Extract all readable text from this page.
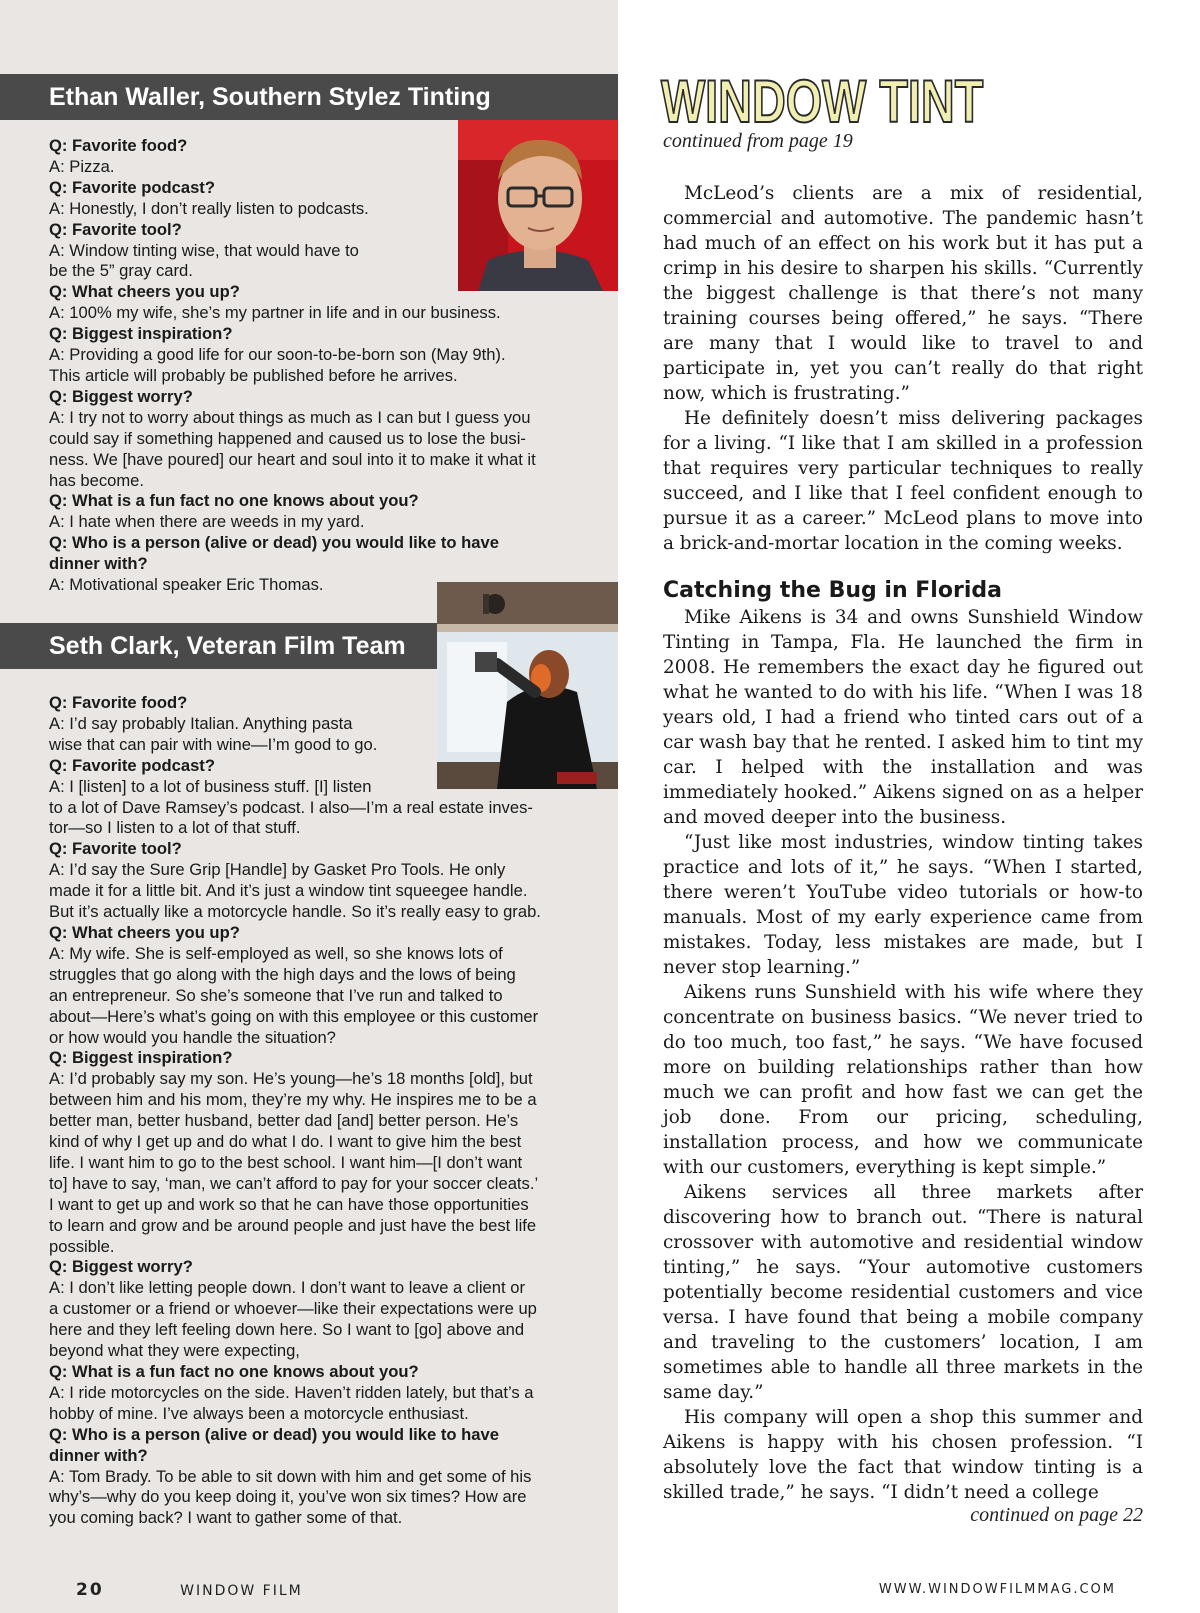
Ethan Waller, Southern Stylez Tinting
Q: Favorite food?
A: Pizza.
Q: Favorite podcast?
A: Honestly, I don’t really listen to podcasts.
Q: Favorite tool?
A: Window tinting wise, that would have to
be the 5” gray card.
Q: What cheers you up?
A: 100% my wife, she’s my partner in life and in our business.
Q: Biggest inspiration?
A: Providing a good life for our soon-to-be-born son (May 9th).
This article will probably be published before he arrives.
Q: Biggest worry?
A: I try not to worry about things as much as I can but I guess you
could say if something happened and caused us to lose the busi-
ness. We [have poured] our heart and soul into it to make it what it
has become.
Q: What is a fun fact no one knows about you?
A: I hate when there are weeds in my yard.
Q: Who is a person (alive or dead) you would like to have
dinner with?
A: Motivational speaker Eric Thomas.
Seth Clark, Veteran Film Team
Q: Favorite food?
A: I’d say probably Italian. Anything pasta
wise that can pair with wine—I’m good to go.
Q: Favorite podcast?
A: I [listen] to a lot of business stuff. [I] listen
to a lot of Dave Ramsey’s podcast. I also—I’m a real estate inves-
tor—so I listen to a lot of that stuff.
Q: Favorite tool?
A: I’d say the Sure Grip [Handle] by Gasket Pro Tools. He only
made it for a little bit. And it’s just a window tint squeegee handle.
But it’s actually like a motorcycle handle. So it’s really easy to grab.
Q: What cheers you up?
A: My wife. She is self-employed as well, so she knows lots of
struggles that go along with the high days and the lows of being
an entrepreneur. So she’s someone that I’ve run and talked to
about—Here’s what’s going on with this employee or this customer
or how would you handle the situation?
Q: Biggest inspiration?
A: I’d probably say my son. He’s young—he’s 18 months [old], but
between him and his mom, they’re my why. He inspires me to be a
better man, better husband, better dad [and] better person. He’s
kind of why I get up and do what I do. I want to give him the best
life. I want him to go to the best school. I want him—[I don’t want
to] have to say, ‘man, we can’t afford to pay for your soccer cleats.’
I want to get up and work so that he can have those opportunities
to learn and grow and be around people and just have the best life
possible.
Q: Biggest worry?
A: I don’t like letting people down. I don’t want to leave a client or
a customer or a friend or whoever—like their expectations were up
here and they left feeling down here. So I want to [go] above and
beyond what they were expecting,
Q: What is a fun fact no one knows about you?
A: I ride motorcycles on the side. Haven’t ridden lately, but that’s a
hobby of mine. I’ve always been a motorcycle enthusiast.
Q: Who is a person (alive or dead) you would like to have
dinner with?
A: Tom Brady. To be able to sit down with him and get some of his
why’s—why do you keep doing it, you’ve won six times? How are
you coming back? I want to gather some of that.
WINDOW TINT
continued from page 19

McLeod’s clients are a mix of residential, commercial and automotive. The pandemic hasn’t had much of an effect on his work but it has put a crimp in his desire to sharpen his skills. “Currently the biggest challenge is that there’s not many training courses being offered,” he says. “There are many that I would like to travel to and participate in, yet you can’t really do that right now, which is frustrating.”

He definitely doesn’t miss delivering packages for a living. “I like that I am skilled in a profession that requires very particular techniques to really succeed, and I like that I feel confident enough to pursue it as a career.” McLeod plans to move into a brick-and-mortar location in the coming weeks.

Catching the Bug in Florida

Mike Aikens is 34 and owns Sunshield Window Tinting in Tampa, Fla. He launched the firm in 2008. He remembers the exact day he figured out what he wanted to do with his life. “When I was 18 years old, I had a friend who tinted cars out of a car wash bay that he rented. I asked him to tint my car. I helped with the installation and was immediately hooked.” Aikens signed on as a helper and moved deeper into the business.

“Just like most industries, window tinting takes practice and lots of it,” he says. “When I started, there weren’t YouTube video tutorials or how-to manuals. Most of my early experience came from mistakes. Today, less mistakes are made, but I never stop learning.”

Aikens runs Sunshield with his wife where they concentrate on business basics. “We never tried to do too much, too fast,” he says. “We have focused more on building relationships rather than how much we can profit and how fast we can get the job done. From our pricing, scheduling, installation process, and how we communicate with our customers, everything is kept simple.”

Aikens services all three markets after discovering how to branch out. “There is natural crossover with automotive and residential window tinting,” he says. “Your automotive customers potentially become residential customers and vice versa. I have found that being a mobile company and traveling to the customers’ location, I am sometimes able to handle all three markets in the same day.”

His company will open a shop this summer and Aikens is happy with his chosen profession. “I absolutely love the fact that window tinting is a skilled trade,” he says. “I didn’t need a college

continued on page 22
20	WINDOW FILM	WWW.WINDOWFILMMAG.COM
